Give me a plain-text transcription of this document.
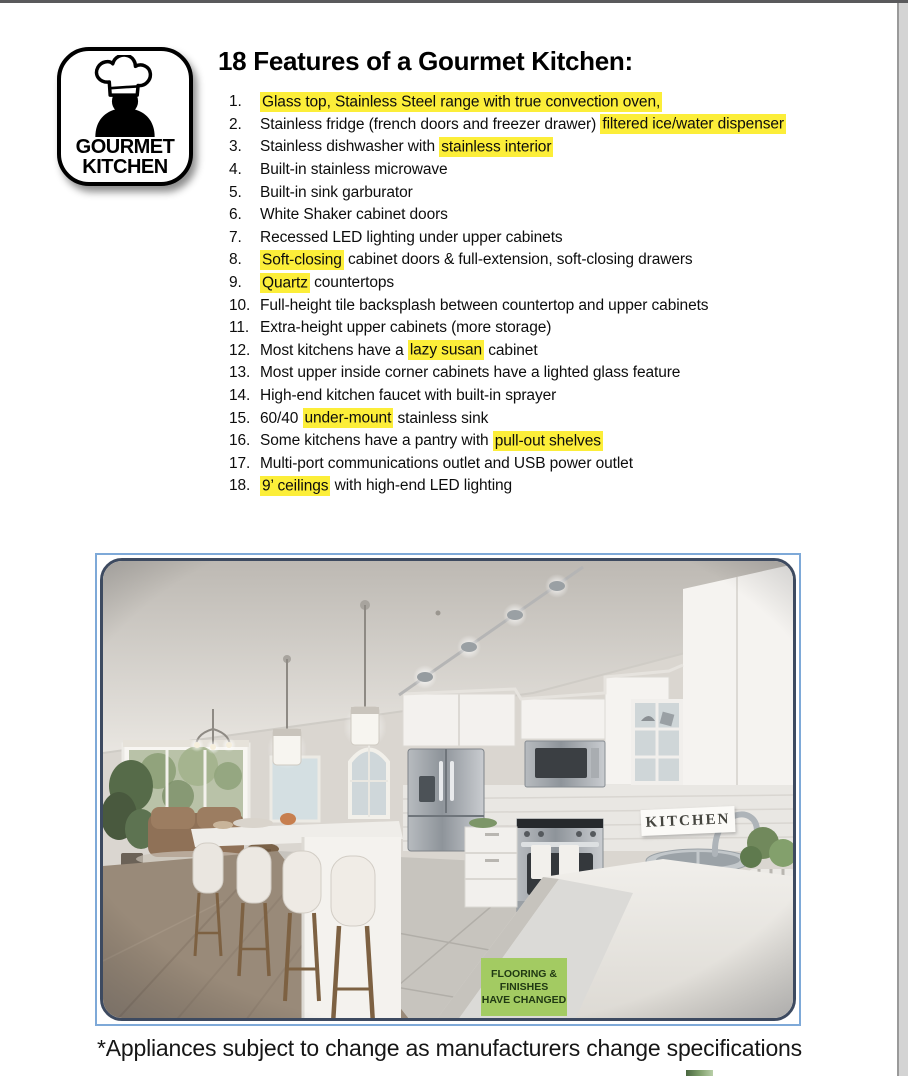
GOURMET
KITCHEN
18 Features of a Gourmet Kitchen:
1.	Glass top, Stainless Steel range with true convection oven,
2.	Stainless fridge (french doors and freezer drawer) filtered ice/water dispenser
3.	Stainless dishwasher with stainless interior
4.	Built-in stainless microwave
5.	Built-in sink garburator
6.	White Shaker cabinet doors
7.	Recessed LED lighting under upper cabinets
8.	Soft-closing cabinet doors & full-extension, soft-closing drawers
9.	Quartz countertops
10. Full-height tile backsplash between countertop and upper cabinets
11. Extra-height upper cabinets (more storage)
12. Most kitchens have a lazy susan cabinet
13. Most upper inside corner cabinets have a lighted glass feature
14. High-end kitchen faucet with built-in sprayer
15. 60/40 under-mount stainless sink
16. Some kitchens have a pantry with pull-out shelves
17. Multi-port communications outlet and USB power outlet
18. 9’ ceilings with high-end LED lighting
KITCHEN
FLOORING &
FINISHES
HAVE CHANGED
*Appliances subject to change as manufacturers change specifications
